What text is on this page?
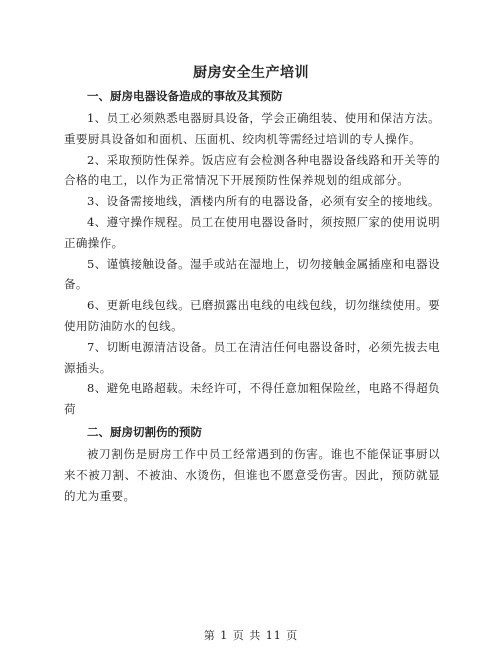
厨房安全生产培训

一、厨房电器设备造成的事故及其预防

1、员工必须熟悉电器厨具设备，学会正确组装、使用和保洁方法。重要厨具设备如和面机、压面机、绞肉机等需经过培训的专人操作。

2、采取预防性保养。饭店应有会检测各种电器设备线路和开关等的合格的电工，以作为正常情况下开展预防性保养规划的组成部分。

3、设备需接地线，酒楼内所有的电器设备，必须有安全的接地线。

4、遵守操作规程。员工在使用电器设备时，须按照厂家的使用说明正确操作。

5、谨慎接触设备。湿手或站在湿地上，切勿接触金属插座和电器设备。

6、更新电线包线。已磨损露出电线的电线包线，切勿继续使用。要使用防油防水的包线。

7、切断电源清洁设备。员工在清洁任何电器设备时，必须先拔去电源插头。

8、避免电路超载。未经许可，不得任意加粗保险丝，电路不得超负荷

二、厨房切割伤的预防

被刀割伤是厨房工作中员工经常遇到的伤害。谁也不能保证事厨以来不被刀割、不被油、水烫伤，但谁也不愿意受伤害。因此，预防就显的尤为重要。

第 1 页 共 11 页
